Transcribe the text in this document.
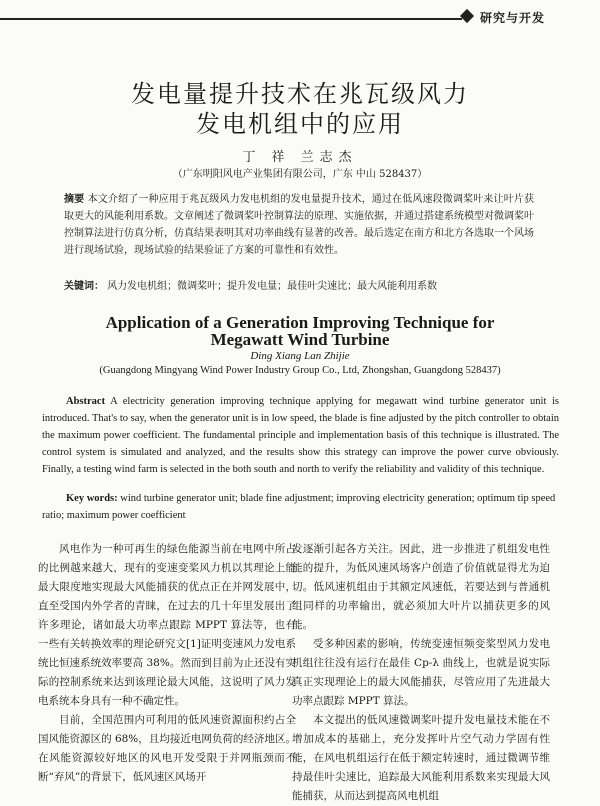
研究与开发
发电量提升技术在兆瓦级风力
发电机组中的应用
丁 祥 兰志杰
（广东明阳风电产业集团有限公司，广东 中山 528437）
摘要 本文介绍了一种应用于兆瓦级风力发电机组的发电量提升技术，通过在低风速段微调桨叶来让叶片获取更大的风能利用系数。文章阐述了微调桨叶控制算法的原理、实施依据，并通过搭建系统模型对微调桨叶控制算法进行仿真分析，仿真结果表明其对功率曲线有显著的改善。最后选定在南方和北方各选取一个风场进行现场试验，现场试验的结果验证了方案的可靠性和有效性。
关键词： 风力发电机组；微调桨叶；提升发电量；最佳叶尖速比；最大风能利用系数
Application of a Generation Improving Technique for
Megawatt Wind Turbine
Ding Xiang Lan Zhijie
(Guangdong Mingyang Wind Power Industry Group Co., Ltd, Zhongshan, Guangdong 528437)
Abstract A electricity generation improving technique applying for megawatt wind turbine generator unit is introduced. That's to say, when the generator unit is in low speed, the blade is fine adjusted by the pitch controller to obtain the maximum power coefficient. The fundamental principle and implementation basis of this technique is illustrated. The control system is simulated and analyzed, and the results show this strategy can improve the power curve obviously. Finally, a testing wind farm is selected in the both south and north to verify the reliability and validity of this technique.
Key words: wind turbine generator unit; blade fine adjustment; improving electricity generation; optimum tip speed ratio; maximum power coefficient

风电作为一种可再生的绿色能源当前在电网中所占的比例越来越大，现有的变速变桨风力机以其理论上能最大限度地实现最大风能捕获的优点正在并网发展中，直至受国内外学者的青睐，在过去的几十年里发展出了许多理论，诸如最大功率点跟踪 MPPT 算法等，也有一些有关转换效率的理论研究文[1]证明变速风力发电系统比恒速系统效率要高 38%。然而到目前为止还没有实际的控制系统来达到该理论最大风能，这说明了风力发电系统本身具有一种不确定性。

目前，全国范围内可利用的低风速资源面积约占全国风能资源区的 68%，且均接近电网负荷的经济地区。在风能资源较好地区的风电开发受限于并网瓶颈而不断“弃风”的背景下，低风速区风场开

发逐渐引起各方关注。因此，进一步推进了机组发电性能的提升，为低风速风场客户创造了价值就显得尤为迫切。低风速机组由于其额定风速低，若要达到与普通机组同样的功率输出，就必须加大叶片以捕获更多的风能。

受多种因素的影响，传统变速恒频变桨型风力发电机组往往没有运行在最佳 Cp-λ 曲线上，也就是说实际真正实现理论上的最大风能捕获，尽管应用了先进最大功率点跟踪 MPPT 算法。

本文提出的低风速微调桨叶提升发电量技术能在不增加成本的基础上，充分发挥叶片空气动力学固有性能，在风电机组运行在低于额定转速时，通过微调节维持最佳叶尖速比，追踪最大风能利用系数来实现最大风能捕获，从而达到提高风电机组
